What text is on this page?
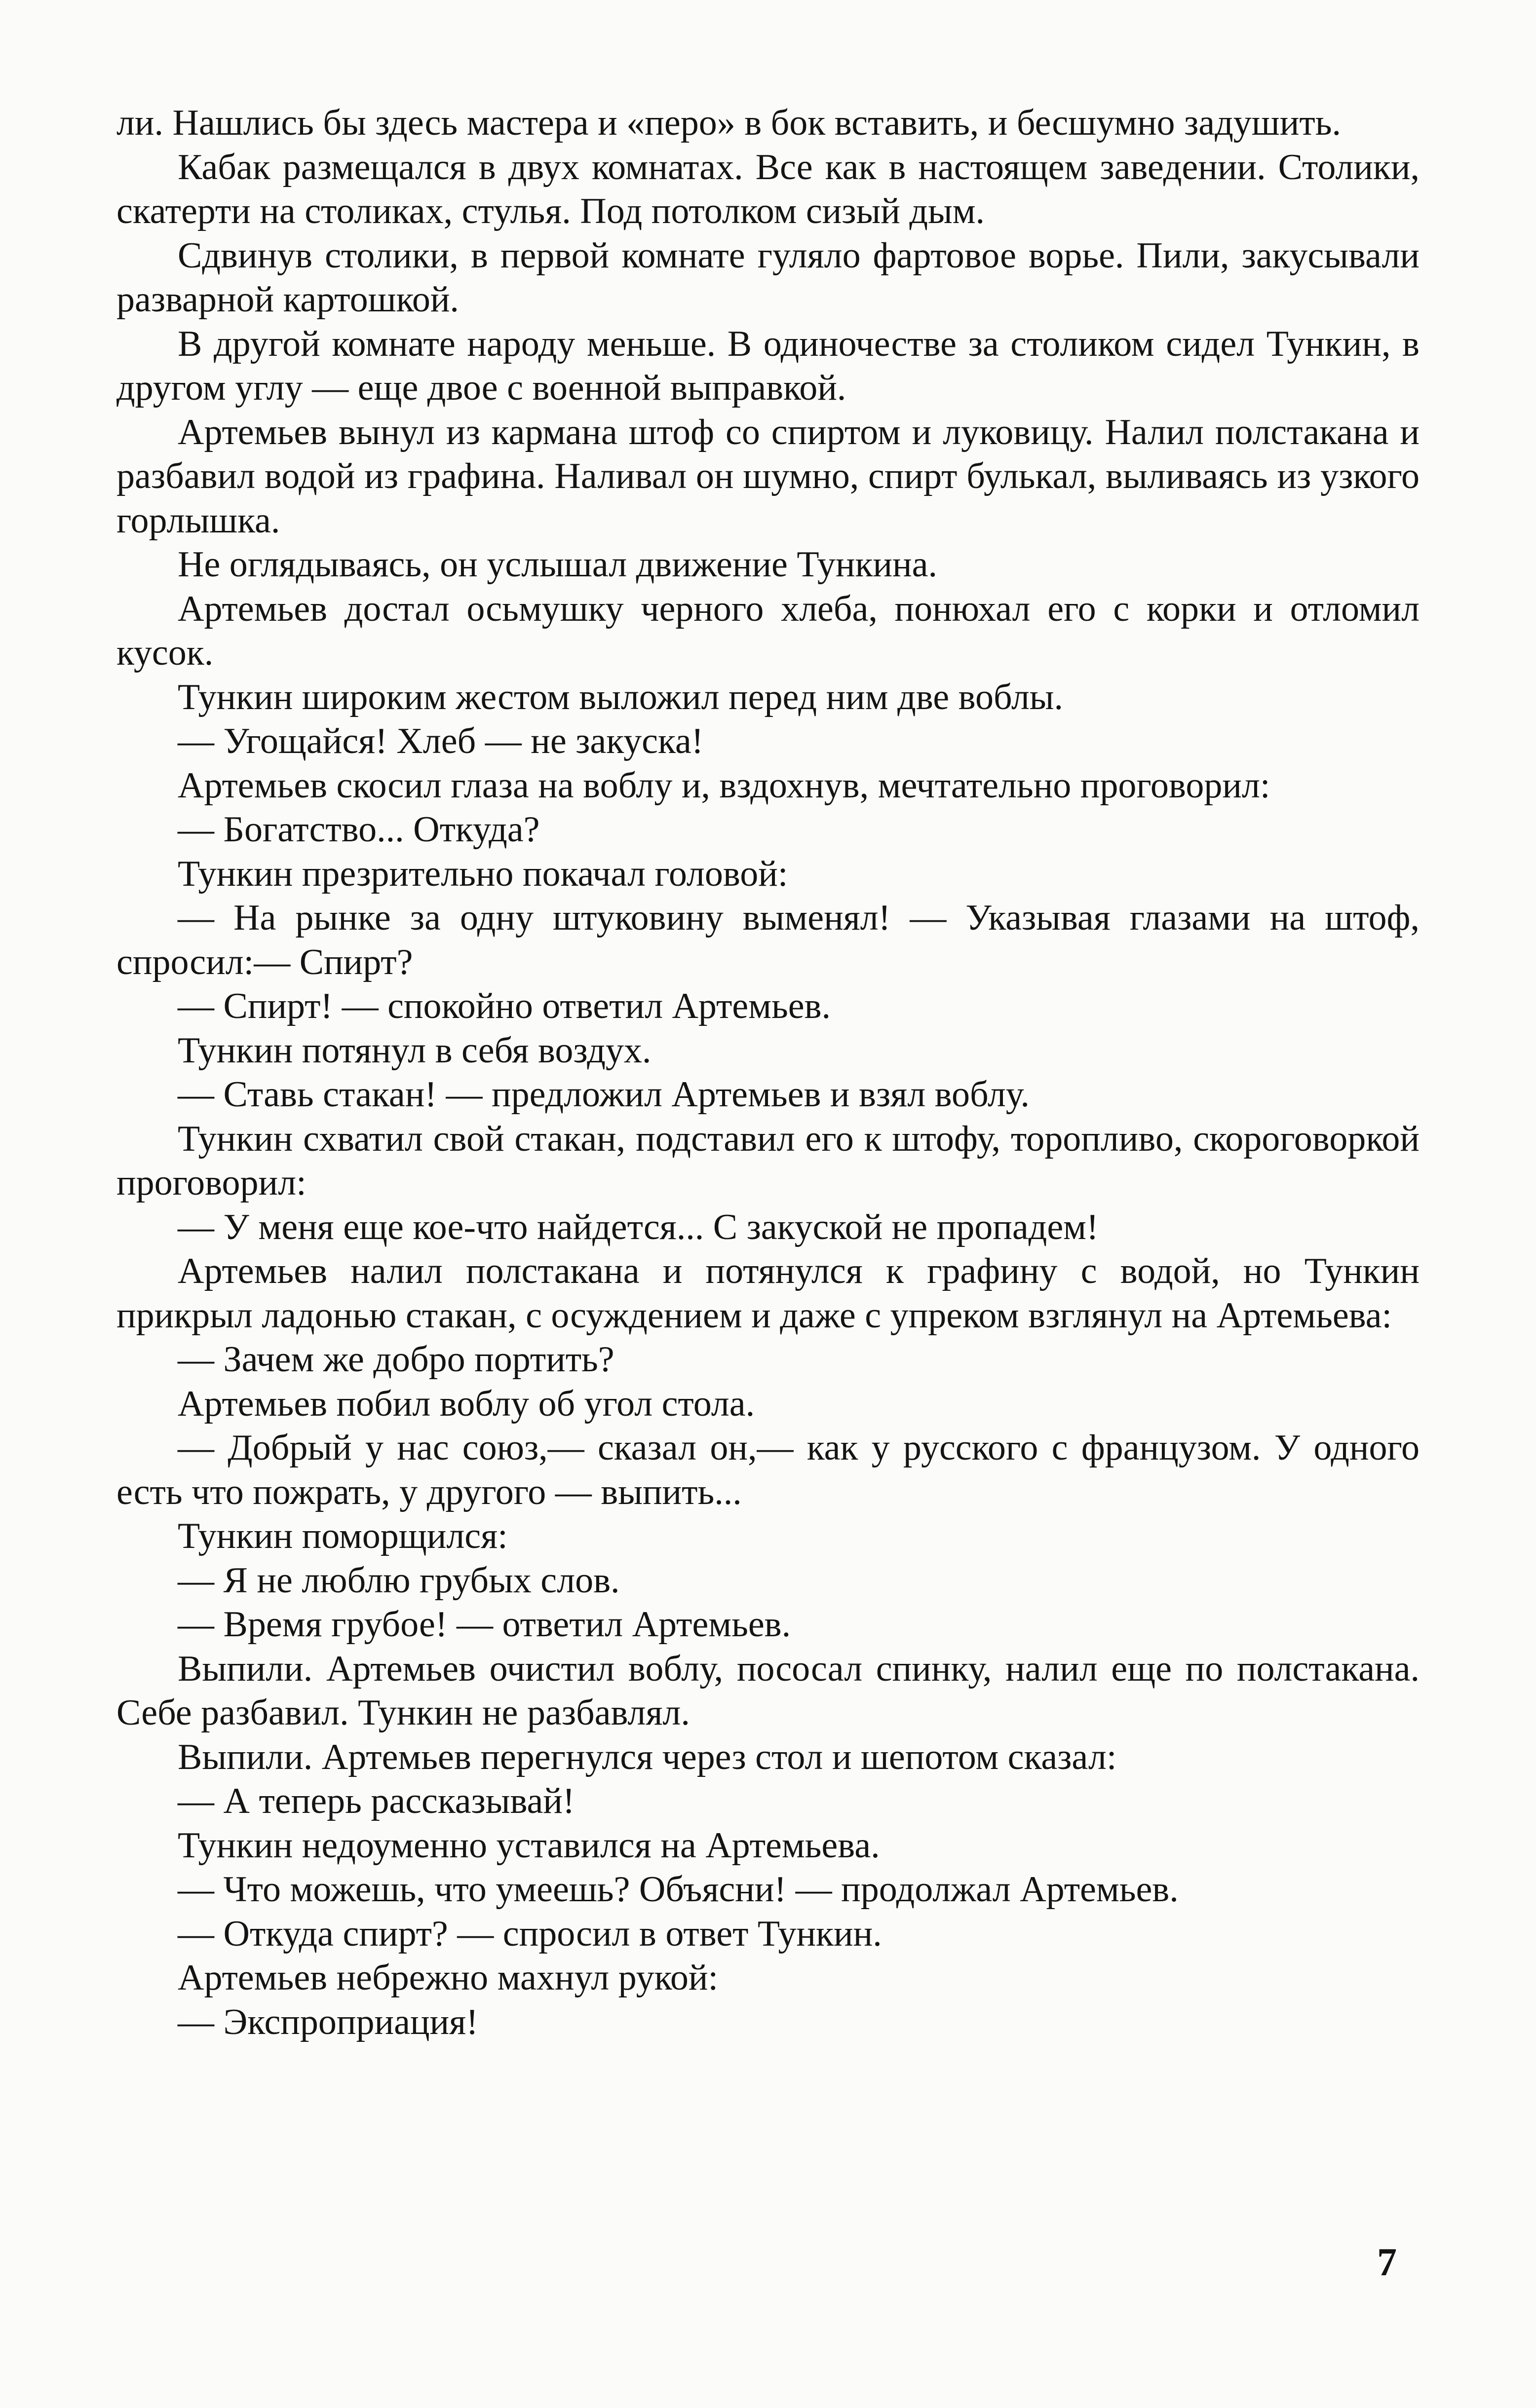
ли. Нашлись бы здесь мастера и «перо» в бок вставить, и бесшумно задушить.

Кабак размещался в двух комнатах. Все как в настоящем заведении. Столики, скатерти на столиках, стулья. Под потолком сизый дым.

Сдвинув столики, в первой комнате гуляло фартовое ворье. Пили, закусывали разварной картошкой.

В другой комнате народу меньше. В одиночестве за столиком сидел Тункин, в другом углу — еще двое с военной выправкой.

Артемьев вынул из кармана штоф со спиртом и луковицу. Налил полстакана и разбавил водой из графина. Наливал он шумно, спирт булькал, выливаясь из узкого горлышка.

Не оглядываясь, он услышал движение Тункина.

Артемьев достал осьмушку черного хлеба, понюхал его с корки и отломил кусок.

Тункин широким жестом выложил перед ним две воблы.

— Угощайся! Хлеб — не закуска!

Артемьев скосил глаза на воблу и, вздохнув, мечтательно проговорил:

— Богатство... Откуда?

Тункин презрительно покачал головой:

— На рынке за одну штуковину выменял! — Указывая глазами на штоф, спросил:— Спирт?

— Спирт! — спокойно ответил Артемьев.

Тункин потянул в себя воздух.

— Ставь стакан! — предложил Артемьев и взял воблу.

Тункин схватил свой стакан, подставил его к штофу, торопливо, скороговоркой проговорил:

— У меня еще кое-что найдется... С закуской не пропадем!

Артемьев налил полстакана и потянулся к графину с водой, но Тункин прикрыл ладонью стакан, с осуждением и даже с упреком взглянул на Артемьева:

— Зачем же добро портить?

Артемьев побил воблу об угол стола.

— Добрый у нас союз,— сказал он,— как у русского с французом. У одного есть что пожрать, у другого — выпить...

Тункин поморщился:

— Я не люблю грубых слов.

— Время грубое! — ответил Артемьев.

Выпили. Артемьев очистил воблу, пососал спинку, налил еще по полстакана. Себе разбавил. Тункин не разбавлял.

Выпили. Артемьев перегнулся через стол и шепотом сказал:

— А теперь рассказывай!

Тункин недоуменно уставился на Артемьева.

— Что можешь, что умеешь? Объясни! — продолжал Артемьев.

— Откуда спирт? — спросил в ответ Тункин.

Артемьев небрежно махнул рукой:

— Экспроприация!

7
